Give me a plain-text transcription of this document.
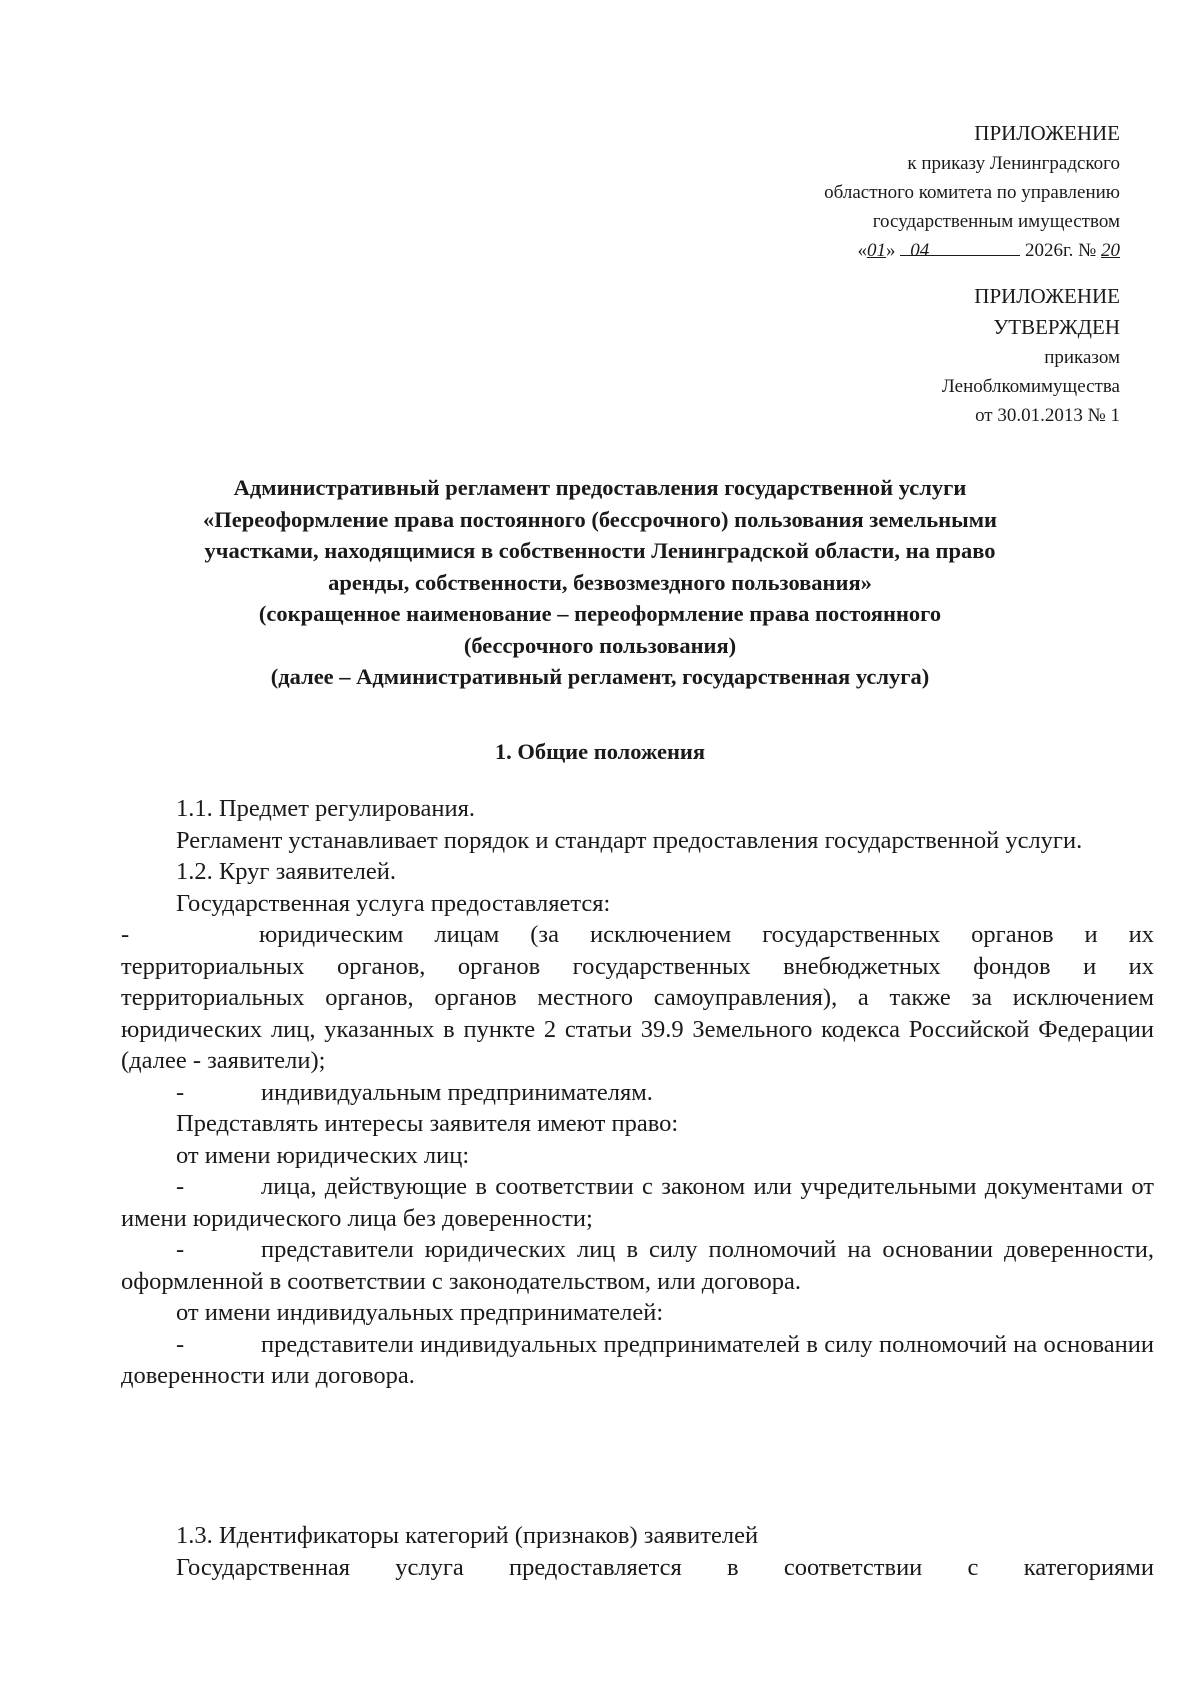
ПРИЛОЖЕНИЕ
к приказу Ленинградского
областного комитета по управлению
государственным имуществом
«01» 04	2026г. № 20
ПРИЛОЖЕНИЕ
УТВЕРЖДЕН
приказом
Леноблкомимущества
от 30.01.2013 № 1
Административный регламент предоставления государственной услуги
«Переоформление права постоянного (бессрочного) пользования земельными
участками, находящимися в собственности Ленинградской области, на право
аренды, собственности, безвозмездного пользования»
(сокращенное наименование – переоформление права постоянного
(бессрочного пользования)
(далее – Административный регламент, государственная услуга)
1. Общие положения

1.1. Предмет регулирования.

Регламент устанавливает порядок и стандарт предоставления государственной услуги.

1.2. Круг заявителей.

Государственная услуга предоставляется:

-	юридическим лицам (за исключением государственных органов и их территориальных органов, органов государственных внебюджетных фондов и их территориальных органов, органов местного самоуправления), а также за исключением юридических лиц, указанных в пункте 2 статьи 39.9 Земельного кодекса Российской Федерации (далее - заявители);

-	индивидуальным предпринимателям.

Представлять интересы заявителя имеют право:

от имени юридических лиц:

-	лица, действующие в соответствии с законом или учредительными документами от имени юридического лица без доверенности;

-	представители юридических лиц в силу полномочий на основании доверенности, оформленной в соответствии с законодательством, или договора.

от имени индивидуальных предпринимателей:

-	представители индивидуальных предпринимателей в силу полномочий на основании доверенности или договора.

1.3. Идентификаторы категорий (признаков) заявителей

Государственная услуга предоставляется в соответствии с категориями
